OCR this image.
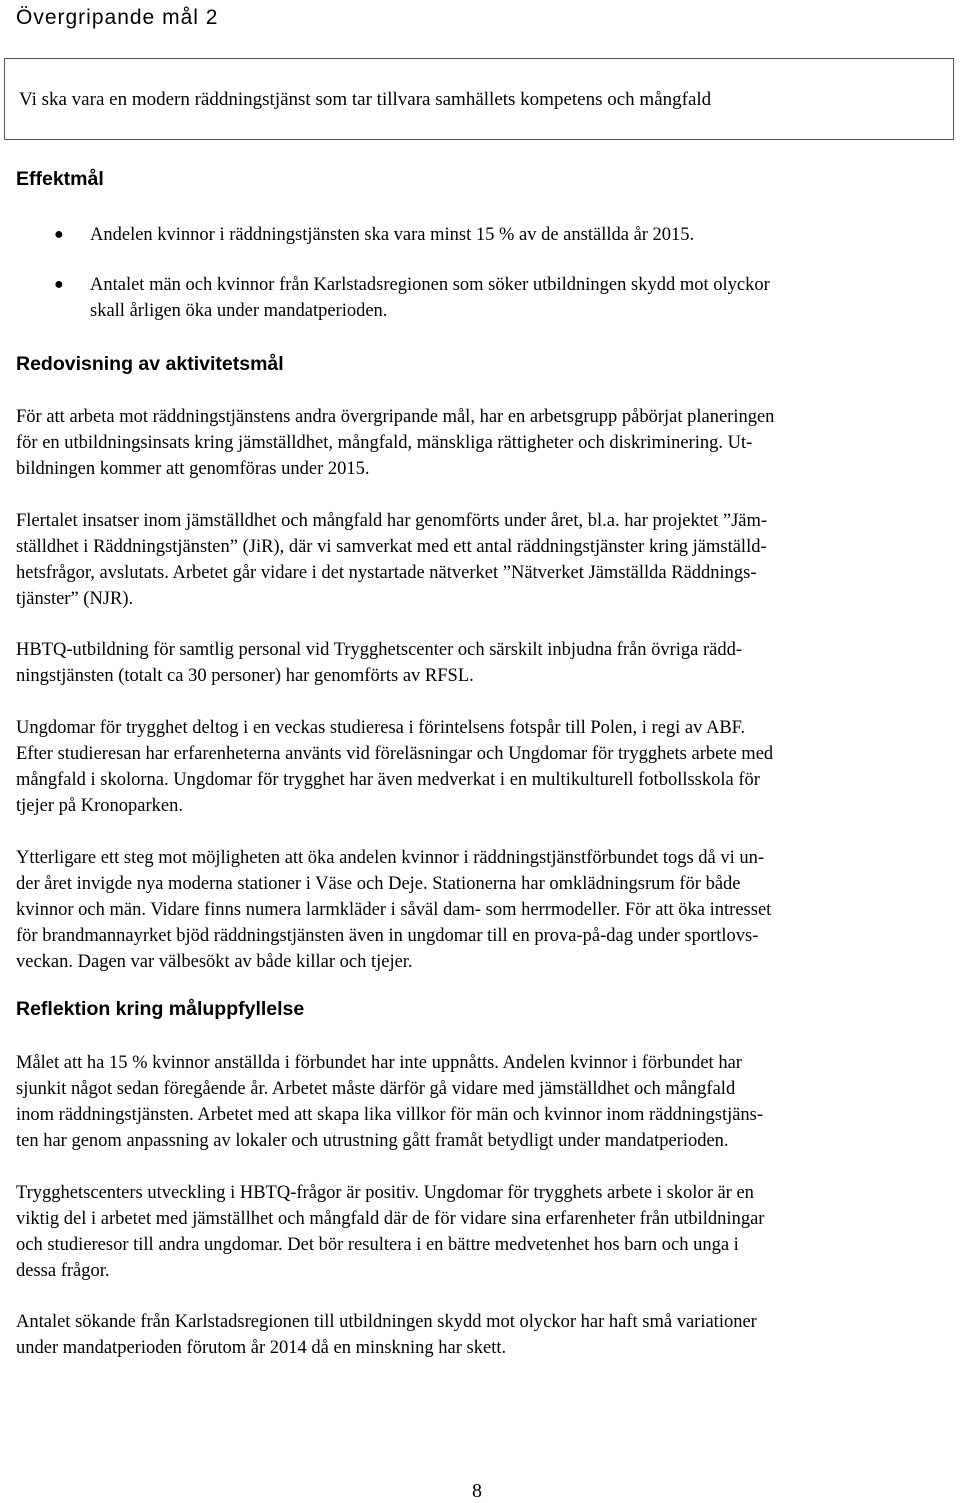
Övergripande mål 2

Vi ska vara en modern räddningstjänst som tar tillvara samhällets kompetens och mångfald

Effektmål
● Andelen kvinnor i räddningstjänsten ska vara minst 15 % av de anställda år 2015.
● Antalet män och kvinnor från Karlstadsregionen som söker utbildningen skydd mot olyckor
skall årligen öka under mandatperioden.
Redovisning av aktivitetsmål

För att arbeta mot räddningstjänstens andra övergripande mål, har en arbetsgrupp påbörjat planeringen
för en utbildningsinsats kring jämställdhet, mångfald, mänskliga rättigheter och diskriminering. Ut-
bildningen kommer att genomföras under 2015.

Flertalet insatser inom jämställdhet och mångfald har genomförts under året, bl.a. har projektet ”Jäm-
ställdhet i Räddningstjänsten” (JiR), där vi samverkat med ett antal räddningstjänster kring jämställd-
hetsfrågor, avslutats. Arbetet går vidare i det nystartade nätverket ”Nätverket Jämställda Räddnings-
tjänster” (NJR).

HBTQ-utbildning för samtlig personal vid Trygghetscenter och särskilt inbjudna från övriga rädd-
ningstjänsten (totalt ca 30 personer) har genomförts av RFSL.

Ungdomar för trygghet deltog i en veckas studieresa i förintelsens fotspår till Polen, i regi av ABF.
Efter studieresan har erfarenheterna använts vid föreläsningar och Ungdomar för trygghets arbete med
mångfald i skolorna. Ungdomar för trygghet har även medverkat i en multikulturell fotbollsskola för
tjejer på Kronoparken.

Ytterligare ett steg mot möjligheten att öka andelen kvinnor i räddningstjänstförbundet togs då vi un-
der året invigde nya moderna stationer i Väse och Deje. Stationerna har omklädningsrum för både
kvinnor och män. Vidare finns numera larmkläder i såväl dam- som herrmodeller. För att öka intresset
för brandmannayrket bjöd räddningstjänsten även in ungdomar till en prova-på-dag under sportlovs-
veckan. Dagen var välbesökt av både killar och tjejer.

Reflektion kring måluppfyllelse

Målet att ha 15 % kvinnor anställda i förbundet har inte uppnåtts. Andelen kvinnor i förbundet har
sjunkit något sedan föregående år. Arbetet måste därför gå vidare med jämställdhet och mångfald
inom räddningstjänsten. Arbetet med att skapa lika villkor för män och kvinnor inom räddningstjäns-
ten har genom anpassning av lokaler och utrustning gått framåt betydligt under mandatperioden.

Trygghetscenters utveckling i HBTQ-frågor är positiv. Ungdomar för trygghets arbete i skolor är en
viktig del i arbetet med jämställhet och mångfald där de för vidare sina erfarenheter från utbildningar
och studieresor till andra ungdomar. Det bör resultera i en bättre medvetenhet hos barn och unga i
dessa frågor.

Antalet sökande från Karlstadsregionen till utbildningen skydd mot olyckor har haft små variationer
under mandatperioden förutom år 2014 då en minskning har skett.

8
